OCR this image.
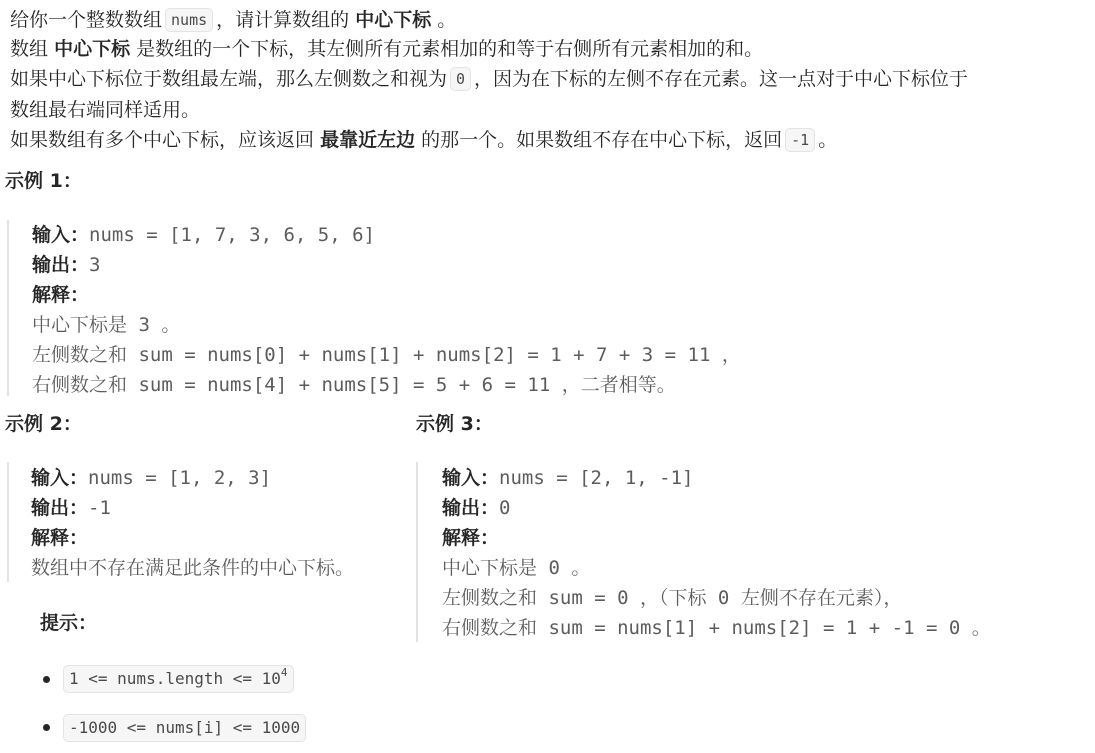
给你一个整数数组 nums ，请计算数组的 中心下标 。
数组 中心下标 是数组的一个下标，其左侧所有元素相加的和等于右侧所有元素相加的和。
如果中心下标位于数组最左端，那么左侧数之和视为 0 ，因为在下标的左侧不存在元素。这一点对于中心下标位于
数组最右端同样适用。
如果数组有多个中心下标，应该返回 最靠近左边 的那一个。如果数组不存在中心下标，返回 -1 。
示例 1：
输入：nums = [1, 7, 3, 6, 5, 6]
输出：3
解释：
中心下标是 3 。
左侧数之和 sum = nums[0] + nums[1] + nums[2] = 1 + 7 + 3 = 11 ，
右侧数之和 sum = nums[4] + nums[5] = 5 + 6 = 11 ，二者相等。
示例 2：
输入：nums = [1, 2, 3]
输出：-1
解释：
数组中不存在满足此条件的中心下标。
示例 3：
输入：nums = [2, 1, -1]
输出：0
解释：
中心下标是 0 。
左侧数之和 sum = 0 ，（下标 0 左侧不存在元素），
右侧数之和 sum = nums[1] + nums[2] = 1 + -1 = 0 。
提示：
1 <= nums.length <= $10^4$
-1000 <= nums[i] <= 1000
